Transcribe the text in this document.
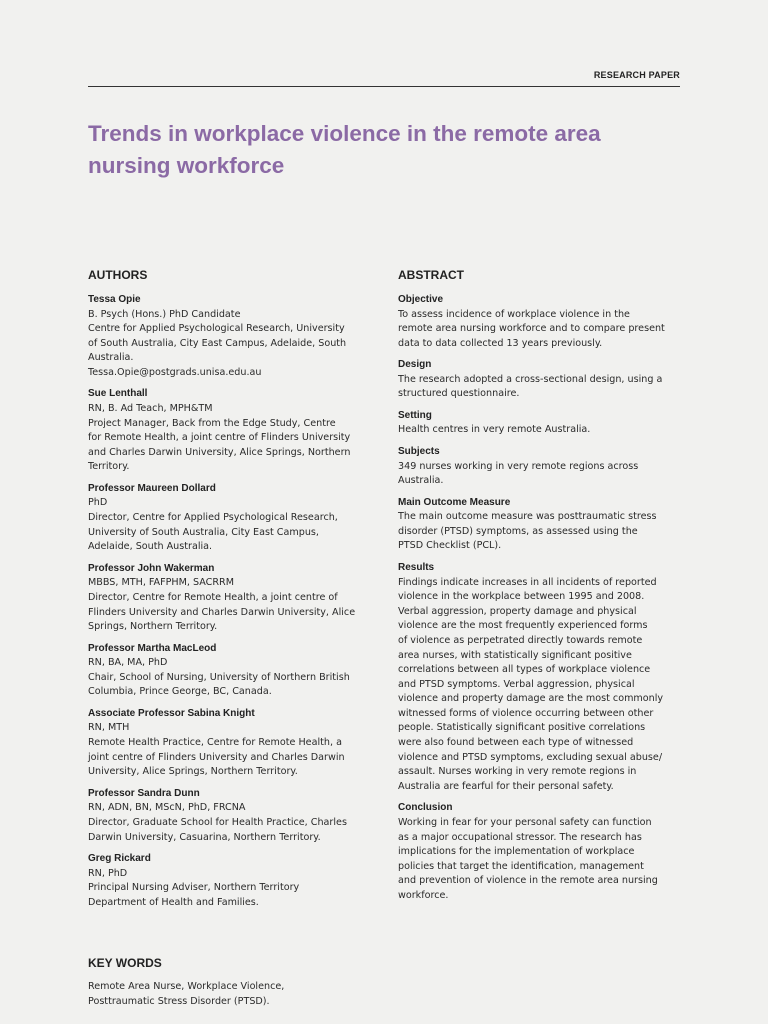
RESEARCH PAPER
Trends in workplace violence in the remote area
nursing workforce
AUTHORS
Tessa Opie
B. Psych (Hons.) PhD Candidate
Centre for Applied Psychological Research, University
of South Australia, City East Campus, Adelaide, South
Australia.
Tessa.Opie@postgrads.unisa.edu.au
Sue Lenthall
RN, B. Ad Teach, MPH&TM
Project Manager, Back from the Edge Study, Centre
for Remote Health, a joint centre of Flinders University
and Charles Darwin University, Alice Springs, Northern
Territory.
Professor Maureen Dollard
PhD
Director, Centre for Applied Psychological Research,
University of South Australia, City East Campus,
Adelaide, South Australia.
Professor John Wakerman
MBBS, MTH, FAFPHM, SACRRM
Director, Centre for Remote Health, a joint centre of
Flinders University and Charles Darwin University, Alice
Springs, Northern Territory.
Professor Martha MacLeod
RN, BA, MA, PhD
Chair, School of Nursing, University of Northern British
Columbia, Prince George, BC, Canada.
Associate Professor Sabina Knight
RN, MTH
Remote Health Practice, Centre for Remote Health, a
joint centre of Flinders University and Charles Darwin
University, Alice Springs, Northern Territory.
Professor Sandra Dunn
RN, ADN, BN, MScN, PhD, FRCNA
Director, Graduate School for Health Practice, Charles
Darwin University, Casuarina, Northern Territory.
Greg Rickard
RN, PhD
Principal Nursing Adviser, Northern Territory
Department of Health and Families.
KEY WORDS
Remote Area Nurse, Workplace Violence,
Posttraumatic Stress Disorder (PTSD).
ABSTRACT
Objective
To assess incidence of workplace violence in the
remote area nursing workforce and to compare present
data to data collected 13 years previously.
Design
The research adopted a cross-sectional design, using a
structured questionnaire.
Setting
Health centres in very remote Australia.
Subjects
349 nurses working in very remote regions across
Australia.
Main Outcome Measure
The main outcome measure was posttraumatic stress
disorder (PTSD) symptoms, as assessed using the
PTSD Checklist (PCL).
Results
Findings indicate increases in all incidents of reported
violence in the workplace between 1995 and 2008.
Verbal aggression, property damage and physical
violence are the most frequently experienced forms
of violence as perpetrated directly towards remote
area nurses, with statistically significant positive
correlations between all types of workplace violence
and PTSD symptoms. Verbal aggression, physical
violence and property damage are the most commonly
witnessed forms of violence occurring between other
people. Statistically significant positive correlations
were also found between each type of witnessed
violence and PTSD symptoms, excluding sexual abuse/
assault. Nurses working in very remote regions in
Australia are fearful for their personal safety.
Conclusion
Working in fear for your personal safety can function
as a major occupational stressor. The research has
implications for the implementation of workplace
policies that target the identification, management
and prevention of violence in the remote area nursing
workforce.
